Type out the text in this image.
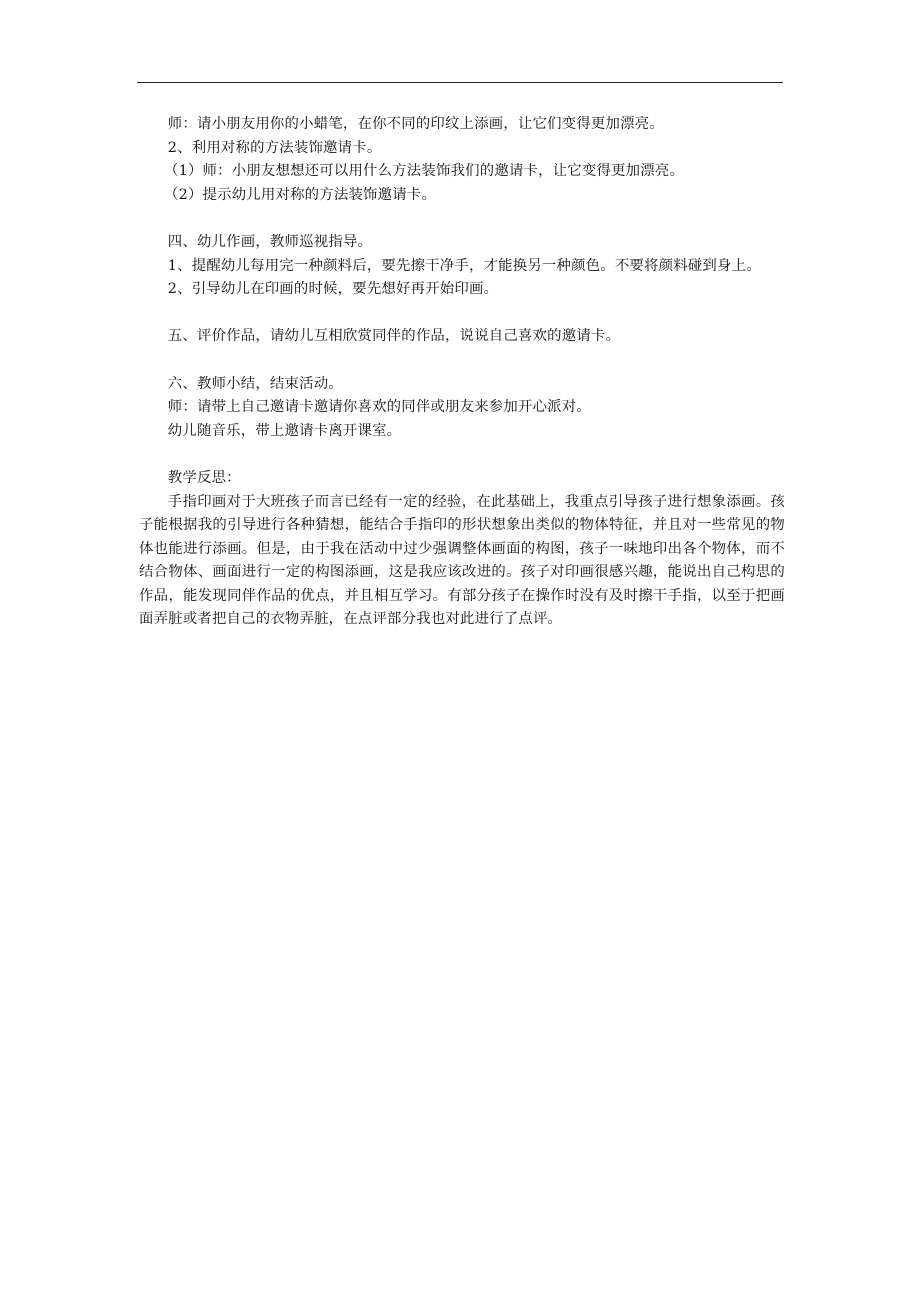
师：请小朋友用你的小蜡笔，在你不同的印纹上添画，让它们变得更加漂亮。

2、利用对称的方法装饰邀请卡。

（1）师：小朋友想想还可以用什么方法装饰我们的邀请卡，让它变得更加漂亮。

（2）提示幼儿用对称的方法装饰邀请卡。

四、幼儿作画，教师巡视指导。

1、提醒幼儿每用完一种颜料后，要先擦干净手，才能换另一种颜色。不要将颜料碰到身上。

2、引导幼儿在印画的时候，要先想好再开始印画。

五、评价作品，请幼儿互相欣赏同伴的作品，说说自己喜欢的邀请卡。

六、教师小结，结束活动。

师：请带上自己邀请卡邀请你喜欢的同伴或朋友来参加开心派对。

幼儿随音乐，带上邀请卡离开课室。

教学反思：

手指印画对于大班孩子而言已经有一定的经验，在此基础上，我重点引导孩子进行想象添画。孩子能根据我的引导进行各种猜想，能结合手指印的形状想象出类似的物体特征，并且对一些常见的物体也能进行添画。但是，由于我在活动中过少强调整体画面的构图，孩子一味地印出各个物体，而不结合物体、画面进行一定的构图添画，这是我应该改进的。孩子对印画很感兴趣，能说出自己构思的作品，能发现同伴作品的优点，并且相互学习。有部分孩子在操作时没有及时擦干手指，以至于把画面弄脏或者把自己的衣物弄脏，在点评部分我也对此进行了点评。
